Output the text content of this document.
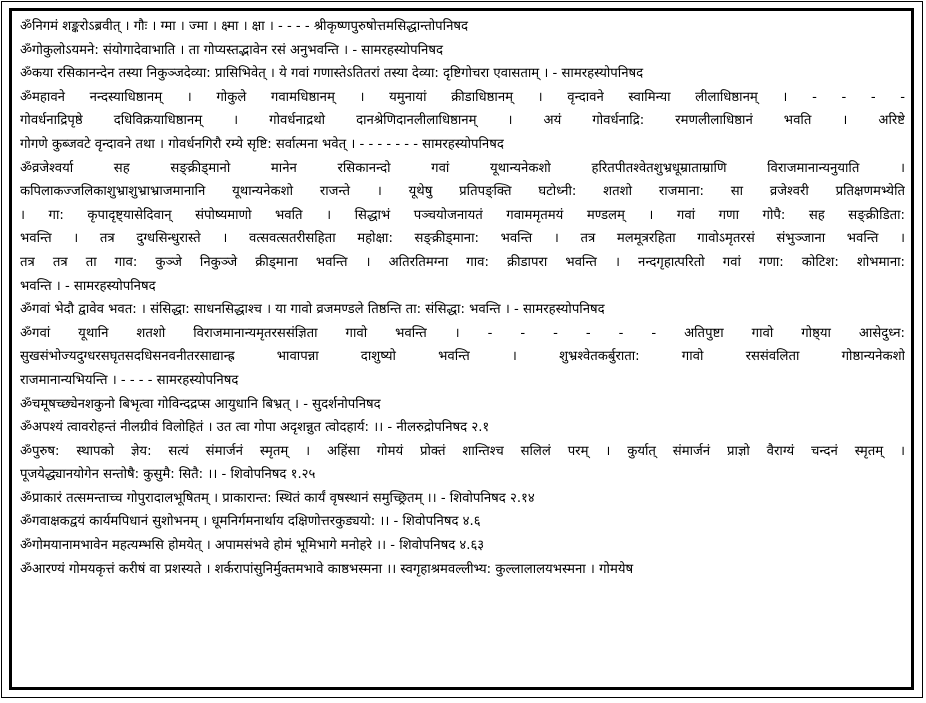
ॐनिगमं शङ्करोऽब्रवीत् । गौः । ग्मा । ज्मा । क्ष्मा । क्षा । - - - - श्रीकृष्णपुरुषोत्तमसिद्धान्तोपनिषद
ॐगोकुलोऽयमने: संयोगादेवाभाति । ता गोप्यस्तद्भावेन रसं अनुभवन्ति । - सामरहस्योपनिषद
ॐकया रसिकानन्देन तस्या निकुञ्जदेव्या: प्रासिभिवेत् । ये गवां गणास्तेऽतितरां तस्या देव्या: दृष्टिगोचरा एवासताम् । - सामरहस्योपनिषद
ॐमहावने नन्दस्याधिष्ठानम् । गोकुले गवामधिष्ठानम् । यमुनायां क्रीडाधिष्ठानम् । वृन्दावने स्वामिन्या लीलाधिष्ठानम् । - - - -
गोवर्धनाद्रिपृष्ठे दधिविक्रयाधिष्ठानम् । गोवर्धनाद्रथो दानश्रेणिदानलीलाधिष्ठानम् । अयं गोवर्धनाद्रि: रमणलीलाधिष्ठानं भवति । अरिष्टे
गोगणे कुब्जवटे वृन्दावने तथा । गोवर्धनगिरौ रम्ये सृष्टि: सर्वात्मना भवेत् । - - - - - - - सामरहस्योपनिषद
ॐव्रजेश्वर्या सह सङ्क्रीड्मानो मानेन रसिकानन्दो गवां यूथान्यनेकशो हरितपीतश्वेतशुभ्रधूम्राताम्राणि विराजमानान्यनुयाति ।
कपिलाकज्जलिकाशुभ्राशुभ्राभ्राजमानानि यूथान्यनेकशो राजन्ते । यूथेषु प्रतिपङ्क्ति घटोध्नी: शतशो राजमाना: सा व्रजेश्वरी प्रतिक्षणमभ्येति
। गा: कृपादृष्ट्यासेदिवान् संपोष्यमाणो भवति । सिद्धाभं पञ्चयोजनायतं गवाममृतमयं मण्डलम् । गवां गणा गोपै: सह सङ्क्रीडिता:
भवन्ति । तत्र दुग्धसिन्धुरास्ते । वत्सवत्सतरीसहिता महोक्षा: सङ्क्रीड्माना: भवन्ति । तत्र मलमूत्ररहिता गावोऽमृतरसं संभुञ्जाना भवन्ति ।
तत्र तत्र ता गाव: कुञ्जे निकुञ्जे क्रीड्माना भवन्ति । अतिरतिमग्ना गाव: क्रीडापरा भवन्ति । नन्दगृहात्परितो गवां गणा: कोटिश: शोभमाना:
भवन्ति । - सामरहस्योपनिषद
ॐगवां भेदौ द्वावेव भवत: । संसिद्धा: साधनसिद्धाश्च । या गावो व्रजमण्डले तिष्ठन्ति ता: संसिद्धा: भवन्ति । - सामरहस्योपनिषद
ॐगवां यूथानि शतशो विराजमानान्यमृतरससंज्ञिता गावो भवन्ति । - - - - - - अतिपुष्टा गावो गोष्ठ्या आसेदुध्न:
सुखसंभोज्यदुग्धरसघृतसदधिसनवनीतरसाद्यान्ह्र भावापन्ना दाशुष्यो भवन्ति । शुभ्रश्वेतकर्बुराता: गावो रससंवलिता गोष्ठान्यनेकशो
राजमानान्यभियन्ति । - - - - सामरहस्योपनिषद
ॐचमूषच्छ्येनशकुनो बिभृत्वा गोविन्दद्रप्स आयुधानि बिभ्रत् । - सुदर्शनोपनिषद
ॐअपश्यं त्वावरोहन्तं नीलग्रीवं विलोहितं । उत त्वा गोपा अदृशन्नुत त्वोदहार्य: ।। - नीलरुद्रोपनिषद २.१
ॐपुरुष: स्थापको ज्ञेय: सत्यं संमार्जनं स्मृतम् । अहिंसा गोमयं प्रोक्तं शान्तिश्च सलिलं परम् । कुर्यात् संमार्जनं प्राज्ञो वैराग्यं चन्दनं स्मृतम् ।
पूजयेद्ध्यानयोगेन सन्तोषै: कुसुमै: सितै: ।। - शिवोपनिषद १.२५
ॐप्राकारं तत्समन्ताच्च गोपुरादालभूषितम् । प्राकारान्त: स्थितं कार्यं वृषस्थानं समुच्छ्रितम् ।। - शिवोपनिषद २.१४
ॐगवाक्षकद्वयं कार्यमपिधानं सुशोभनम् । धूमनिर्गमनार्थाय दक्षिणोत्तरकुड्ययो: ।। - शिवोपनिषद ४.६
ॐगोमयानामभावेन महत्यम्भसि होमयेत् । अपामसंभवे होमं भूमिभागे मनोहरे ।। - शिवोपनिषद ४.६३
ॐआरण्यं गोमयकृत्तं करीषं वा प्रशस्यते । शर्करापांसुनिर्मुक्तमभावे काष्ठभस्मना ।। स्वगृहाश्रमवल्लीभ्य: कुल्लालालयभस्मना । गोमयेष
